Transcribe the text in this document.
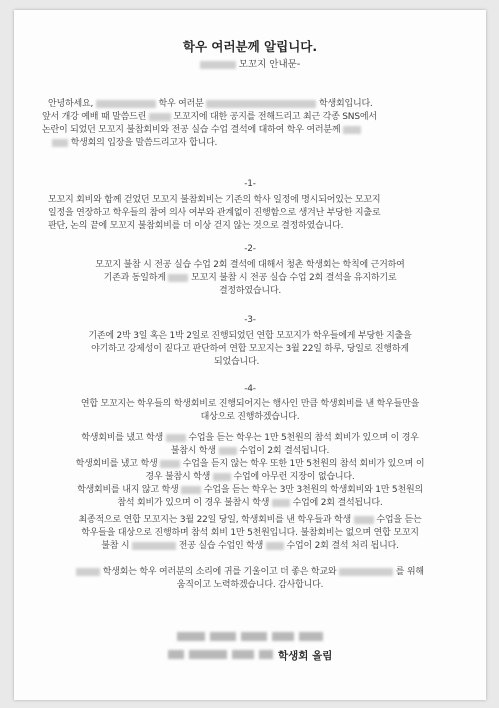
학우 여러분께 알립니다.
모꼬지 안내문-

안녕하세요,	학우 여러분	학생회입니다.

앞서 개강 예배 때 말씀드린	모꼬지에 대한 공지를 전해드리고 최근 각종 SNS에서

논란이 되었던 모꼬지 불참회비와 전공 실습 수업 결석에 대하여 학우 여러분께

학생회의 입장을 말씀드리고자 합니다.

-1-

모꼬지 회비와 함께 걷었던 모꼬지 불참회비는 기존의 학사 일정에 명시되어있는 모꼬지

일정을 연장하고 학우들의 참여 의사 여부와 관계없이 진행함으로 생겨난 부당한 지출로

판단, 논의 끝에 모꼬지 불참회비를 더 이상 걷지 않는 것으로 결정하였습니다.

-2-

모꼬지 불참 시 전공 실습 수업 2회 결석에 대해서 청촌 학생회는 학칙에 근거하여

기존과 동일하게	모꼬지 불참 시 전공 실습 수업 2회 결석을 유지하기로

결정하였습니다.

-3-

기존에 2박 3일 혹은 1박 2일로 진행되었던 연합 모꼬지가 학우들에게 부당한 지출을

야기하고 강제성이 짙다고 판단하여 연합 모꼬지는 3월 22일 하루, 당일로 진행하게

되었습니다.

-4-

연합 모꼬지는 학우들의 학생회비로 진행되어지는 행사인 만큼 학생회비를 낸 학우들만을

대상으로 진행하겠습니다.

학생회비를 냈고 학생	수업을 듣는 학우는 1만 5천원의 참석 회비가 있으며 이 경우

불참시 학생	수업이 2회 결석됩니다.

학생회비를 냈고 학생	수업을 듣지 않는 학우 또한 1만 5천원의 참석 회비가 있으며 이

경우 불참시 학생	수업에 아무런 지장이 없습니다.

학생회비를 내지 않고 학생	수업을 듣는 학우는 3만 3천원의 학생회비와 1만 5천원의

참석 회비가 있으며 이 경우 불참시 학생	수업에 2회 결석됩니다.

최종적으로 연합 모꼬지는 3월 22일 당일, 학생회비를 낸 학우들과 학생	수업을 듣는

학우들을 대상으로 진행하며 참석 회비 1만 5천원입니다. 불참회비는 없으며 연합 모꼬지

불참 시	전공 실습 수업인 학생	수업이 2회 결석 처리 됩니다.

학생회는 학우 여러분의 소리에 귀를 기울이고 더 좋은 학교와	를 위해

움직이고 노력하겠습니다. 감사합니다.

학생회 올림
